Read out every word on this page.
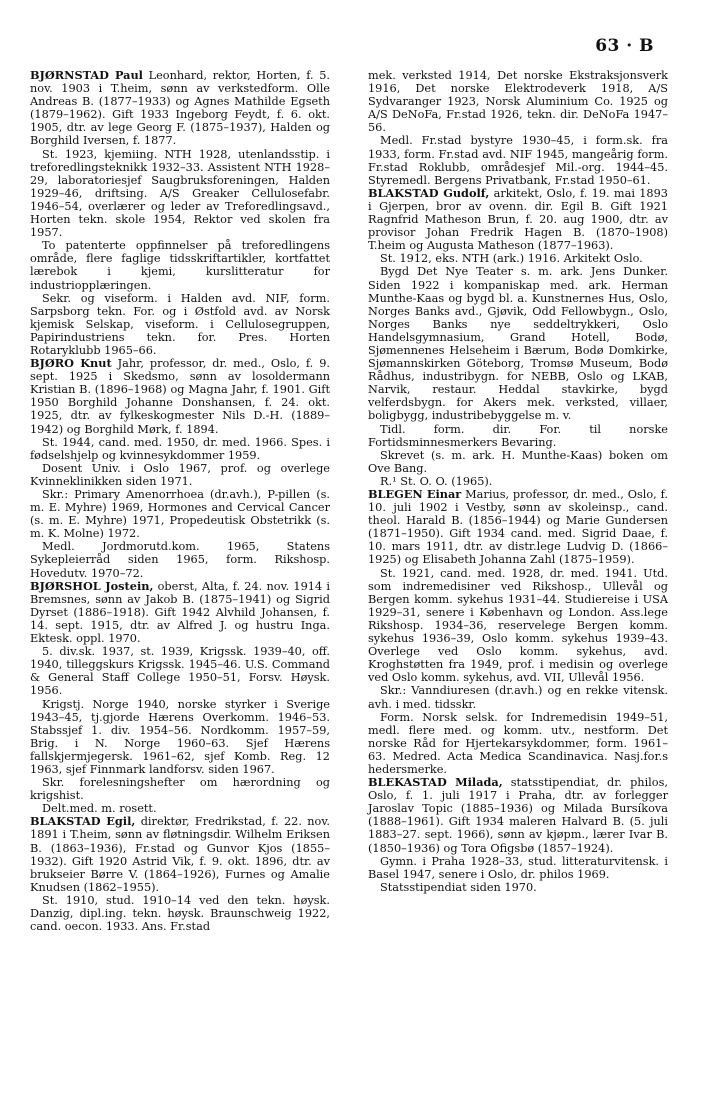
63 · B

BJØRNSTAD Paul Leonhard, rektor, Horten, f. 5. nov. 1903 i T.heim, sønn av verkstedform. Olle Andreas B. (1877–1933) og Agnes Mathilde Egseth (1879–1962). Gift 1933 Ingeborg Feydt, f. 6. okt. 1905, dtr. av lege Georg F. (1875–1937), Halden og Borghild Iversen, f. 1877.

St. 1923, kjemiing. NTH 1928, utenlandsstip. i treforedlingsteknikk 1932–33. Assistent NTH 1928–29, laboratoriesjef Saugbruksforeningen, Halden 1929–46, driftsing. A/S Greaker Cellulosefabr. 1946–54, overlærer og leder av Treforedlingsavd., Horten tekn. skole 1954, Rektor ved skolen fra 1957.

To patenterte oppfinnelser på treforedlingens område, flere faglige tidsskriftartikler, kortfattet lærebok i kjemi, kurslitteratur for industriopplæringen.

Sekr. og viseform. i Halden avd. NIF, form. Sarpsborg tekn. For. og i Østfold avd. av Norsk kjemisk Selskap, viseform. i Cellulosegruppen, Papirindustriens tekn. for. Pres. Horten Rotaryklubb 1965–66.

BJØRO Knut Jahr, professor, dr. med., Oslo, f. 9. sept. 1925 i Skedsmo, sønn av losoldermann Kristian B. (1896–1968) og Magna Jahr, f. 1901. Gift 1950 Borghild Johanne Donshansen, f. 24. okt. 1925, dtr. av fylkeskogmester Nils D.-H. (1889–1942) og Borghild Mørk, f. 1894.

St. 1944, cand. med. 1950, dr. med. 1966. Spes. i fødselshjelp og kvinnesykdommer 1959.

Dosent Univ. i Oslo 1967, prof. og overlege Kvinneklinikken siden 1971.

Skr.: Primary Amenorrhoea (dr.avh.), P-pillen (s. m. E. Myhre) 1969, Hormones and Cervical Cancer (s. m. E. Myhre) 1971, Propedeutisk Obstetrikk (s. m. K. Molne) 1972.

Medl. Jordmorutd.kom. 1965, Statens Sykepleierråd siden 1965, form. Rikshosp. Hovedutv. 1970–72.

BJØRSHOL Jostein, oberst, Alta, f. 24. nov. 1914 i Bremsnes, sønn av Jakob B. (1875–1941) og Sigrid Dyrset (1886–1918). Gift 1942 Alvhild Johansen, f. 14. sept. 1915, dtr. av Alfred J. og hustru Inga. Ektesk. oppl. 1970.

5. div.sk. 1937, st. 1939, Krigssk. 1939–40, off. 1940, tilleggskurs Krigssk. 1945–46. U.S. Command & General Staff College 1950–51, Forsv. Høysk. 1956.

Krigstj. Norge 1940, norske styrker i Sverige 1943–45, tj.gjorde Hærens Overkomm. 1946–53. Stabssjef 1. div. 1954–56. Nordkomm. 1957–59, Brig. i N. Norge 1960–63. Sjef Hærens fallskjermjegersk. 1961–62, sjef Komb. Reg. 12 1963, sjef Finnmark landforsv. siden 1967.

Skr. forelesningshefter om hærordning og krigshist.

Delt.med. m. rosett.

BLAKSTAD Egil, direktør, Fredrikstad, f. 22. nov. 1891 i T.heim, sønn av fløtningsdir. Wilhelm Eriksen B. (1863–1936), Fr.stad og Gunvor Kjos (1855–1932). Gift 1920 Astrid Vik, f. 9. okt. 1896, dtr. av brukseier Børre V. (1864–1926), Furnes og Amalie Knudsen (1862–1955).

St. 1910, stud. 1910–14 ved den tekn. høysk. Danzig, dipl.ing. tekn. høysk. Braunschweig 1922, cand. oecon. 1933. Ans. Fr.stad

mek. verksted 1914, Det norske Ekstraksjonsverk 1916, Det norske Elektrodeverk 1918, A/S Sydvaranger 1923, Norsk Aluminium Co. 1925 og A/S DeNoFa, Fr.stad 1926, tekn. dir. DeNoFa 1947–56.

Medl. Fr.stad bystyre 1930–45, i form.sk. fra 1933, form. Fr.stad avd. NIF 1945, mangeårig form. Fr.stad Roklubb, områdesjef Mil.-org. 1944–45. Styremedl. Bergens Privatbank, Fr.stad 1950–61.

BLAKSTAD Gudolf, arkitekt, Oslo, f. 19. mai 1893 i Gjerpen, bror av ovenn. dir. Egil B. Gift 1921 Ragnfrid Matheson Brun, f. 20. aug 1900, dtr. av provisor Johan Fredrik Hagen B. (1870–1908) T.heim og Augusta Matheson (1877–1963).

St. 1912, eks. NTH (ark.) 1916. Arkitekt Oslo.

Bygd Det Nye Teater s. m. ark. Jens Dunker. Siden 1922 i kompaniskap med. ark. Herman Munthe-Kaas og bygd bl. a. Kunstnernes Hus, Oslo, Norges Banks avd., Gjøvik, Odd Fellowbygn., Oslo, Norges Banks nye seddeltrykkeri, Oslo Handelsgymnasium, Grand Hotell, Bodø, Sjømennenes Helseheim i Bærum, Bodø Domkirke, Sjømannskirken Göteborg, Tromsø Museum, Bodø Rådhus, industribygn. for NEBB, Oslo og LKAB, Narvik, restaur. Heddal stavkirke, bygd velferdsbygn. for Akers mek. verksted, villaer, boligbygg, industribebyggelse m. v.

Tidl. form. dir. For. til norske Fortidsminnesmerkers Bevaring.

Skrevet (s. m. ark. H. Munthe-Kaas) boken om Ove Bang.

R.¹ St. O. O. (1965).

BLEGEN Einar Marius, professor, dr. med., Oslo, f. 10. juli 1902 i Vestby, sønn av skoleinsp., cand. theol. Harald B. (1856–1944) og Marie Gundersen (1871–1950). Gift 1934 cand. med. Sigrid Daae, f. 10. mars 1911, dtr. av distr.lege Ludvig D. (1866–1925) og Elisabeth Johanna Zahl (1875–1959).

St. 1921, cand. med. 1928, dr. med. 1941. Utd. som indremedisiner ved Rikshosp., Ullevål og Bergen komm. sykehus 1931–44. Studiereise i USA 1929–31, senere i København og London. Ass.lege Rikshosp. 1934–36, reservelege Bergen komm. sykehus 1936–39, Oslo komm. sykehus 1939–43. Overlege ved Oslo komm. sykehus, avd. Kroghstøtten fra 1949, prof. i medisin og overlege ved Oslo komm. sykehus, avd. VII, Ullevål 1956.

Skr.: Vanndiuresen (dr.avh.) og en rekke vitensk. avh. i med. tidsskr.

Form. Norsk selsk. for Indremedisin 1949–51, medl. flere med. og komm. utv., nestform. Det norske Råd for Hjertekarsykdommer, form. 1961–63. Medred. Acta Medica Scandinavica. Nasj.for.s hedersmerke.

BLEKASTAD Milada, statsstipendiat, dr. philos, Oslo, f. 1. juli 1917 i Praha, dtr. av forlegger Jaroslav Topic (1885–1936) og Milada Bursíkova (1888–1961). Gift 1934 maleren Halvard B. (5. juli 1883–27. sept. 1966), sønn av kjøpm., lærer Ivar B. (1850–1936) og Tora Ofigsbø (1857–1924).

Gymn. i Praha 1928–33, stud. litteraturvitensk. i Basel 1947, senere i Oslo, dr. philos 1969.

Statsstipendiat siden 1970.
